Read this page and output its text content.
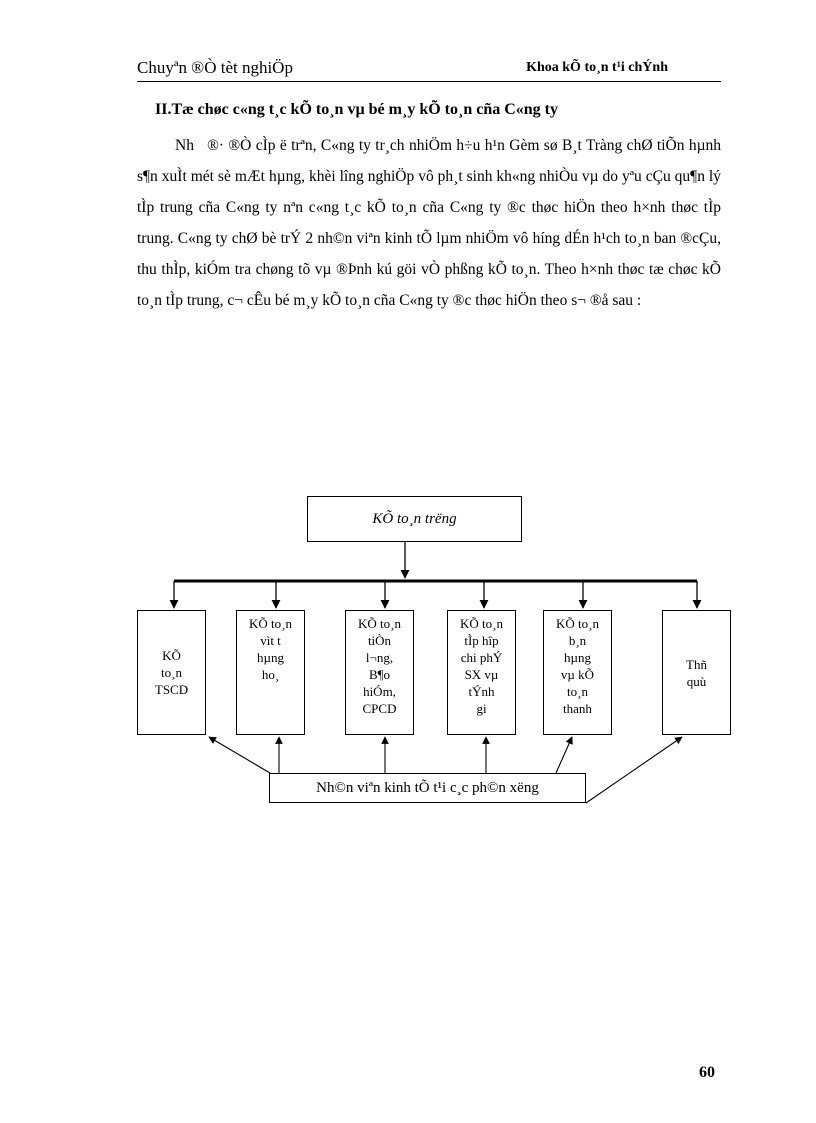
Chuyªn ®Ò tèt nghiÖp	Khoa kÕ to¸n t¹i chÝnh
II.Tæ chøc c«ng t¸c kÕ to¸n vµ bé m¸y kÕ to¸n cña C«ng ty
Nh   ®· ®Ò cÌp ë trªn, C«ng ty tr¸ch nhiÖm h÷u h¹n Gèm sø B¸t Tràng chØ tiÕn hµnh s¶n xuÌt mét sè mÆt hµng, khèi lîng nghiÖp vô ph¸t sinh kh«ng nhiÒu vµ do yªu cÇu qu¶n lý tÌp trung cña C«ng ty nªn c«ng t¸c kÕ to¸n cña C«ng ty ®c thøc hiÖn theo h×nh thøc tÌp trung. C«ng ty chØ bè trÝ 2 nh©n viªn kinh tÕ lµm nhiÖm vô híng dÉn h¹ch to¸n ban ®cÇu, thu thÌp, kiÓm tra chøng tõ vµ ®Þnh kú göi vÒ phßng kÕ to¸n. Theo h×nh thøc tæ chøc kÕ to¸n tÌp trung, c¬ cÊu bé m¸y kÕ to¸n cña C«ng ty ®c thøc hiÖn theo s¬ ®å sau :
KÕ to¸n trëng
KÕ
to¸n
TSCD
KÕ to¸n
vìt t
hµng
ho¸
KÕ to¸n
tiÒn
l¬ng,
B¶o
hiÓm,
CPCD
KÕ to¸n
tÌp hîp
chi phÝ
SX vµ
tÝnh
gi
KÕ to¸n
b¸n
hµng
vµ kÕ
to¸n
thanh
Thñ
quù
Nh©n viªn kinh tÕ t¹i c¸c ph©n xëng
60
